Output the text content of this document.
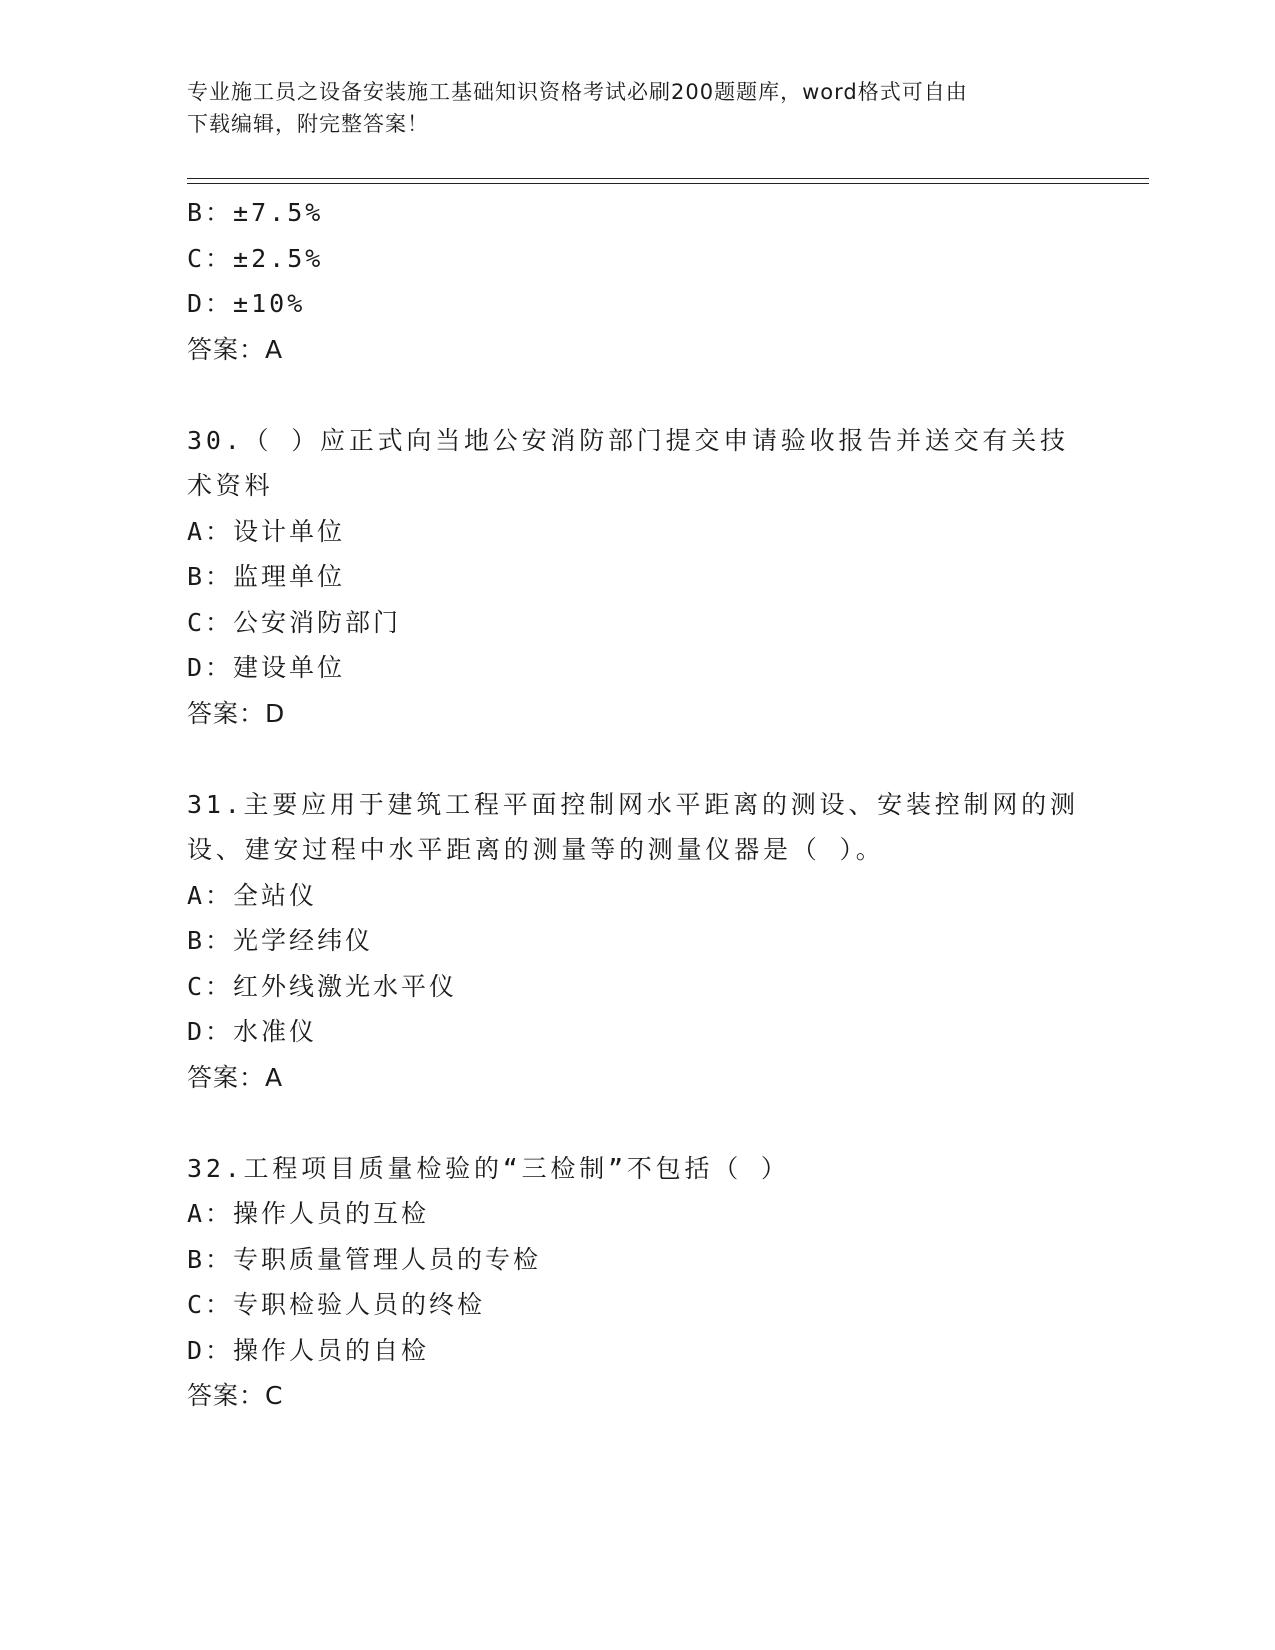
专业施工员之设备安装施工基础知识资格考试必刷200题题库，word格式可自由
下载编辑，附完整答案！
B：±7.5%
C：±2.5%
D：±10%
答案：A
30.（ ）应正式向当地公安消防部门提交申请验收报告并送交有关技
术资料
A：设计单位
B：监理单位
C：公安消防部门
D：建设单位
答案：D
31.主要应用于建筑工程平面控制网水平距离的测设、安装控制网的测
设、建安过程中水平距离的测量等的测量仪器是（ ）。
A：全站仪
B：光学经纬仪
C：红外线激光水平仪
D：水准仪
答案：A
32.工程项目质量检验的“三检制”不包括（ ）
A：操作人员的互检
B：专职质量管理人员的专检
C：专职检验人员的终检
D：操作人员的自检
答案：C
